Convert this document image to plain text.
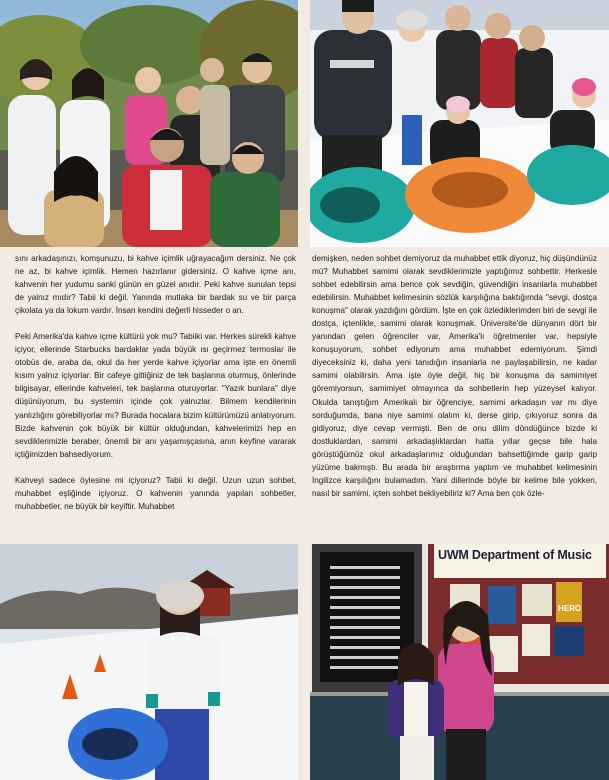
sını arkadaşınızı, komşunuzu, bi kahve içimlik uğrayacağım dersiniz. Ne çok ne az, bi kahve içimlik. Hemen hazırlanır gidersiniz. O kahve içme anı, kahvenin her yudumu sanki günün en güzel anıdır. Peki kahve sunulan tepsi de yalnız mıdır? Tabii ki değil. Yanında mutlaka bir bardak su ve bir parça çikolata ya da lokum vardır. İnsan kendini değerli hisseder o an.

Peki Amerika'da kahve içme kültürü yok mu? Tabiiki var. Herkes sürekli kahve içiyor, ellerinde Starbucks bardaklar yada büyük ısı geçirmez termoslar ile otobüs de, araba da, okul da her yerde kahve içiyorlar ama işte en önemli kısım yalnız içiyorlar. Bir cafeye gittiğiniz de tek başlarına oturmuş, önlerinde bilgisayar, ellerinde kahveleri, tek başlarına oturuyorlar. "Yazık bunlara" diye düşünüyorum, bu systemin içinde çok yalnızlar. Bilmem kendilerinin yanlızlığını görebiliyorlar mı? Burada hocalara bizim kültürümüzü anlatıyorum. Bizde kahvenin çok büyük bir kültür olduğundan, kahvelerimizi hep en sevdiklerimizle beraber, önemli bir anı yaşamışçasına, anın keyfine vararak içtiğimizden bahsediyorum.

Kahveyi sadece öylesine mi içiyoruz? Tabii ki değil. Uzun uzun sohbet, muhabbet eşliğinde içiyoruz. O kahvenin yanında yapılan sohbetler, muhabbetler, ne büyük bir keyiftir. Muhabbet

demişken, neden sohbet demiyoruz da muhabbet ettik diyoruz, hiç düşündünüz mü? Muhabbet samimi olarak sevdiklerimizle yaptığımız sohbettir. Herkesle sohbet edebilirsin ama bence çok sevdiğin, güvendiğin insanlarla muhabbet edebilirsin. Muhabbet kelimesinin sözlük karşılığına baktığımda "sevgi, dostça konuşma" olarak yazdığını gördüm. İşte en çok özlediklerimden biri de sevgi ile dostça, içtenlikle, samimi olarak konuşmak. Üniversite'de dünyanın dört bir yanından gelen öğrenciler var, Amerika'lı öğretmenler var, hepsiyle konuşuyorum, sohbet ediyorum ama muhabbet edemiyorum. Şimdi diyeceksiniz ki, daha yeni tanıdığın insanlarla ne paylaşabilirsin, ne kadar samimi olabilirsin. Ama işte öyle değil, hiç bir konuşma da samimiyet göremiyorsun, samimiyet olmayınca da sohbetlerin hep yüzeysel kalıyor. Okulda tanıştığım Amerikalı bir öğrenciye, samimi arkadaşın var mı diye sorduğumda, bana niye samimi olalım ki, derse girip, çıkıyoruz sonra da gidiyoruz, diye cevap vermişti. Ben de onu dilim döndüğünce bizde ki dostluklardan, samimi arkadaşlıklardan hatta yıllar geçse bile hala görüştüğümüz okul arkadaşlarımız olduğundan bahsettiğimde garip garip yüzüme bakmıştı. Bu arada bir araştırma yaptım ve muhabbet kelimesinin İngilizce karşılığını bulamadım. Yani dillerinde böyle bir kelime bile yokken, nasıl bir samimi, içten sohbet bekliyebiliriz ki? Ama ben çok özle-

UWM Department of Music
HERO
